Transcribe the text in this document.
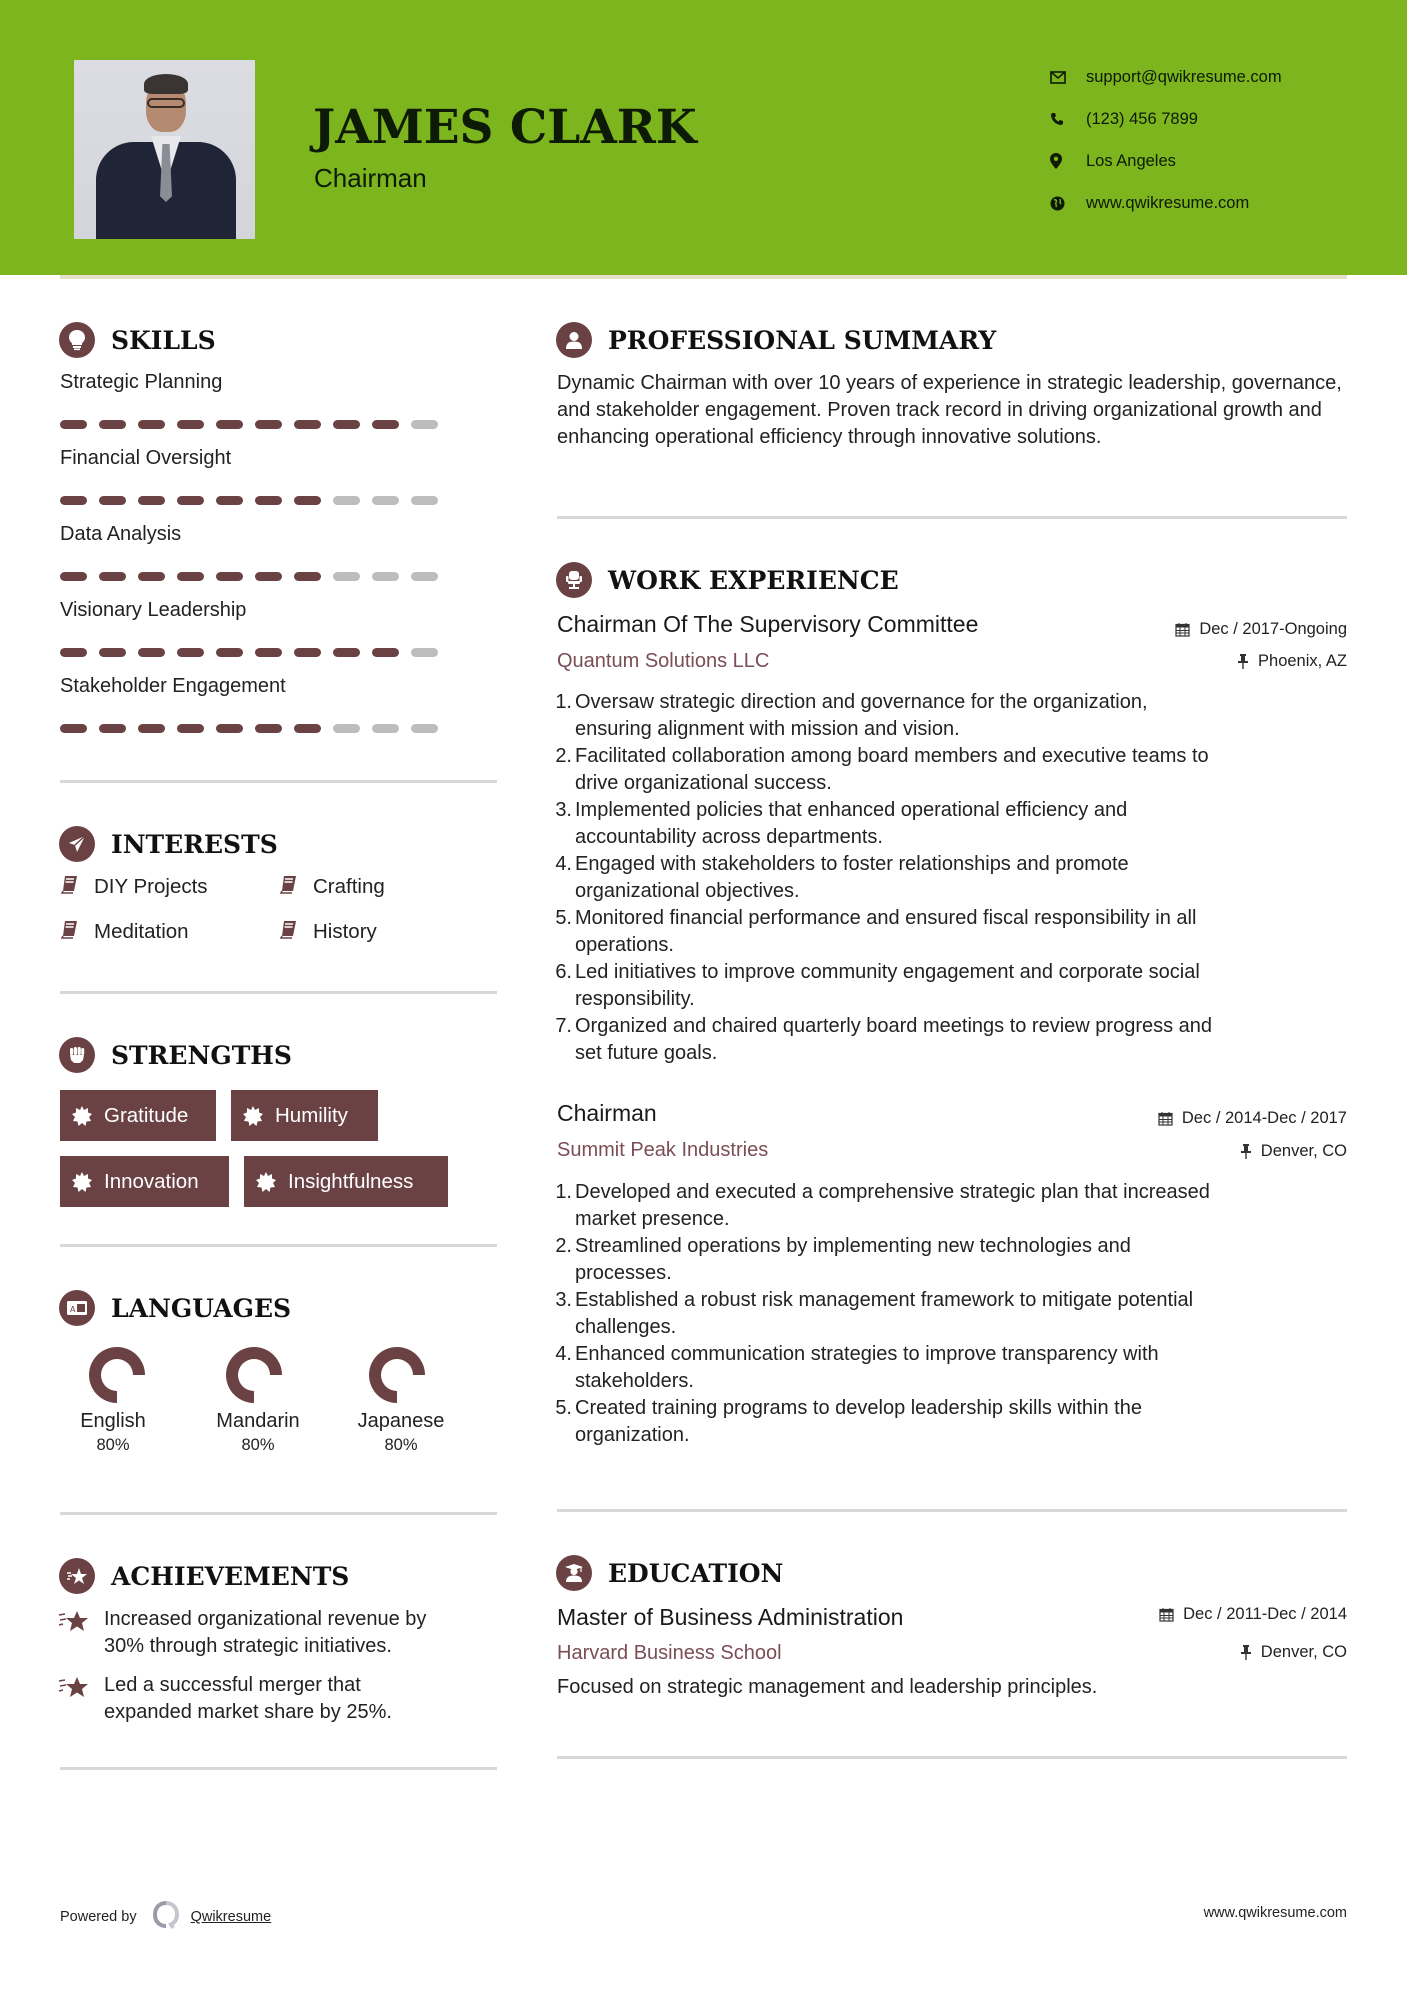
JAMES CLARK
Chairman
support@qwikresume.com
(123) 456 7899
Los Angeles
www.qwikresume.com
SKILLS
Strategic Planning
Financial Oversight
Data Analysis
Visionary Leadership
Stakeholder Engagement
INTERESTS
DIY Projects	Crafting
Meditation	History
STRENGTHS
Gratitude	Humility
Innovation	Insightfulness
A LANGUAGES
English
80%
Mandarin
80%
Japanese
80%
ACHIEVEMENTS
Increased organizational revenue by
30% through strategic initiatives.
Led a successful merger that
expanded market share by 25%.
PROFESSIONAL SUMMARY
Dynamic Chairman with over 10 years of experience in strategic leadership, governance, and stakeholder engagement. Proven track record in driving organizational growth and enhancing operational efficiency through innovative solutions.
WORK EXPERIENCE
Chairman Of The Supervisory Committee	Dec / 2017-Ongoing
Quantum Solutions LLC	Phoenix, AZ
1. Oversaw strategic direction and governance for the organization,
ensuring alignment with mission and vision.
2. Facilitated collaboration among board members and executive teams to
drive organizational success.
3. Implemented policies that enhanced operational efficiency and
accountability across departments.
4. Engaged with stakeholders to foster relationships and promote
organizational objectives.
5. Monitored financial performance and ensured fiscal responsibility in all
operations.
6. Led initiatives to improve community engagement and corporate social
responsibility.
7. Organized and chaired quarterly board meetings to review progress and
set future goals.
Chairman	Dec / 2014-Dec / 2017
Summit Peak Industries	Denver, CO
1. Developed and executed a comprehensive strategic plan that increased
market presence.
2. Streamlined operations by implementing new technologies and
processes.
3. Established a robust risk management framework to mitigate potential
challenges.
4. Enhanced communication strategies to improve transparency with
stakeholders.
5. Created training programs to develop leadership skills within the
organization.
EDUCATION
Master of Business Administration	Dec / 2011-Dec / 2014
Harvard Business School	Denver, CO
Focused on strategic management and leadership principles.
Powered by	Qwikresume	www.qwikresume.com
